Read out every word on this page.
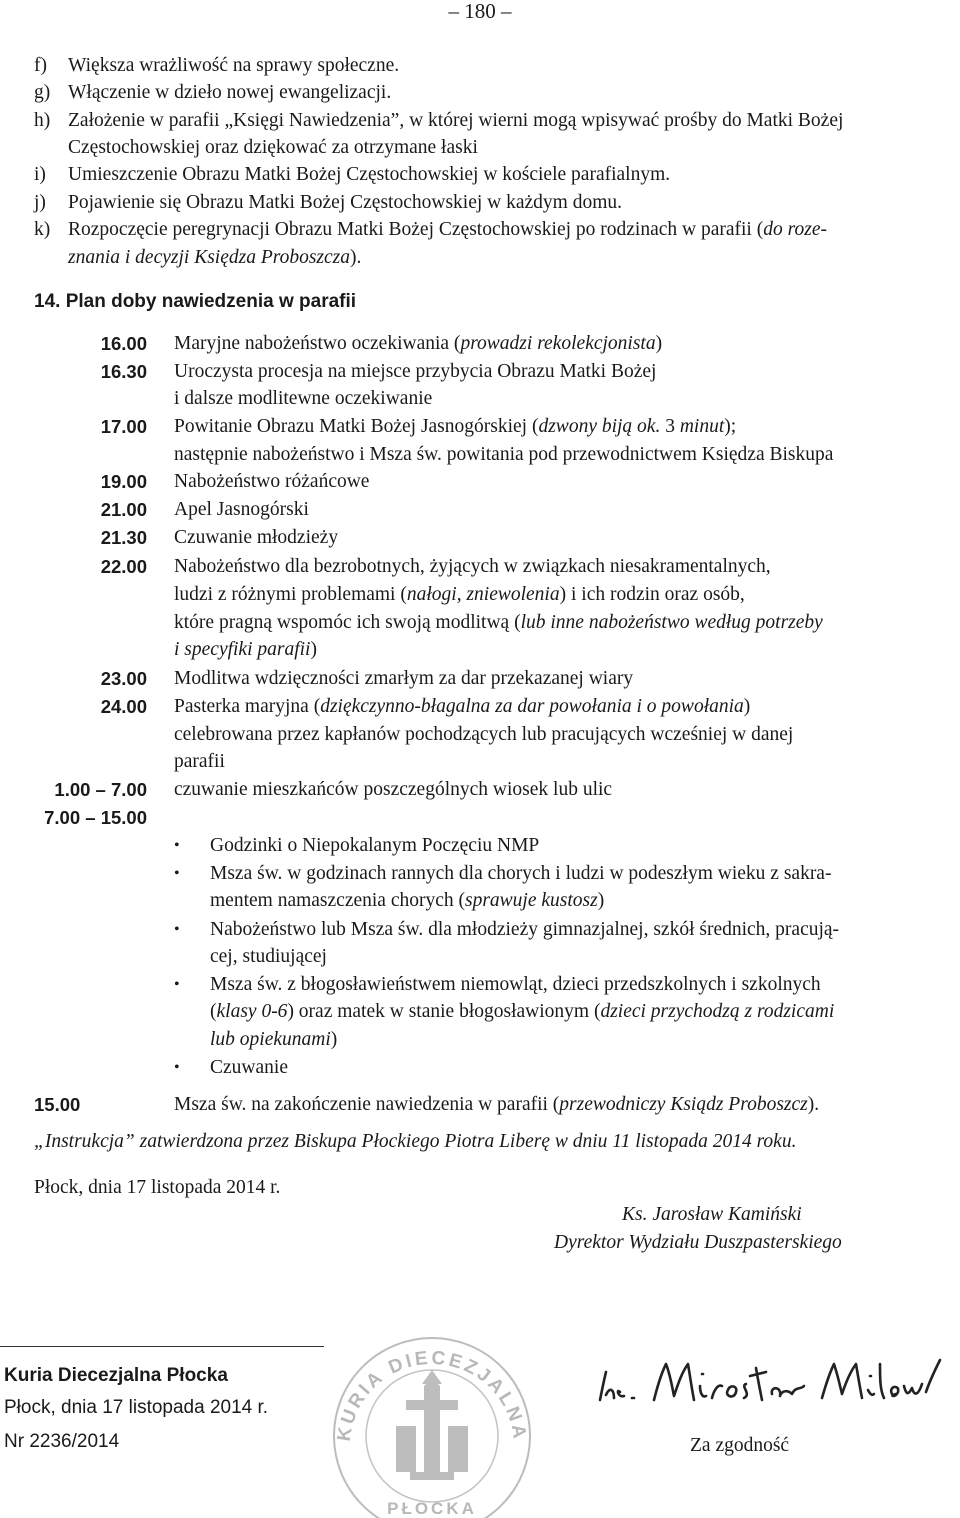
– 180 –
f) Większa wrażliwość na sprawy społeczne.
g) Włączenie w dzieło nowej ewangelizacji.
h) Założenie w parafii „Księgi Nawiedzenia”, w której wierni mogą wpisywać prośby do Matki Bożej
Częstochowskiej oraz dziękować za otrzymane łaski
i) Umieszczenie Obrazu Matki Bożej Częstochowskiej w kościele parafialnym.
j) Pojawienie się Obrazu Matki Bożej Częstochowskiej w każdym domu.
k) Rozpoczęcie peregrynacji Obrazu Matki Bożej Częstochowskiej po rodzinach w parafii (do roze-
znania i decyzji Księdza Proboszcza).
14. Plan doby nawiedzenia w parafii
16.00 Maryjne nabożeństwo oczekiwania (prowadzi rekolekcjonista)
16.30 Uroczysta procesja na miejsce przybycia Obrazu Matki Bożej
i dalsze modlitewne oczekiwanie
17.00 Powitanie Obrazu Matki Bożej Jasnogórskiej (dzwony biją ok. 3 minut);
następnie nabożeństwo i Msza św. powitania pod przewodnictwem Księdza Biskupa
19.00 Nabożeństwo różańcowe
21.00 Apel Jasnogórski
21.30 Czuwanie młodzieży
22.00 Nabożeństwo dla bezrobotnych, żyjących w związkach niesakramentalnych,
ludzi z różnymi problemami (nałogi, zniewolenia) i ich rodzin oraz osób,
które pragną wspomóc ich swoją modlitwą (lub inne nabożeństwo według potrzeby
i specyfiki parafii)
23.00 Modlitwa wdzięczności zmarłym za dar przekazanej wiary
24.00 Pasterka maryjna (dziękczynno-błagalna za dar powołania i o powołania)
celebrowana przez kapłanów pochodzących lub pracujących wcześniej w danej
parafii
1.00 – 7.00 czuwanie mieszkańców poszczególnych wiosek lub ulic
7.00 – 15.00
• Godzinki o Niepokalanym Poczęciu NMP
• Msza św. w godzinach rannych dla chorych i ludzi w podeszłym wieku z sakra-
mentem namaszczenia chorych (sprawuje kustosz)
• Nabożeństwo lub Msza św. dla młodzieży gimnazjalnej, szkół średnich, pracują-
cej, studiującej
• Msza św. z błogosławieństwem niemowląt, dzieci przedszkolnych i szkolnych
(klasy 0-6) oraz matek w stanie błogosławionym (dzieci przychodzą z rodzicami
lub opiekunami)
• Czuwanie
15.00	Msza św. na zakończenie nawiedzenia w parafii (przewodniczy Ksiądz Proboszcz).
„Instrukcja” zatwierdzona przez Biskupa Płockiego Piotra Liberę w dniu 11 listopada 2014 roku.
Płock, dnia 17 listopada 2014 r.
Ks. Jarosław Kamiński
Dyrektor Wydziału Duszpasterskiego
Kuria Diecezjalna Płocka
Płock, dnia 17 listopada 2014 r.
Nr 2236/2014	KURIA DIECEZJALNA
PŁOCKA
Za zgodność
